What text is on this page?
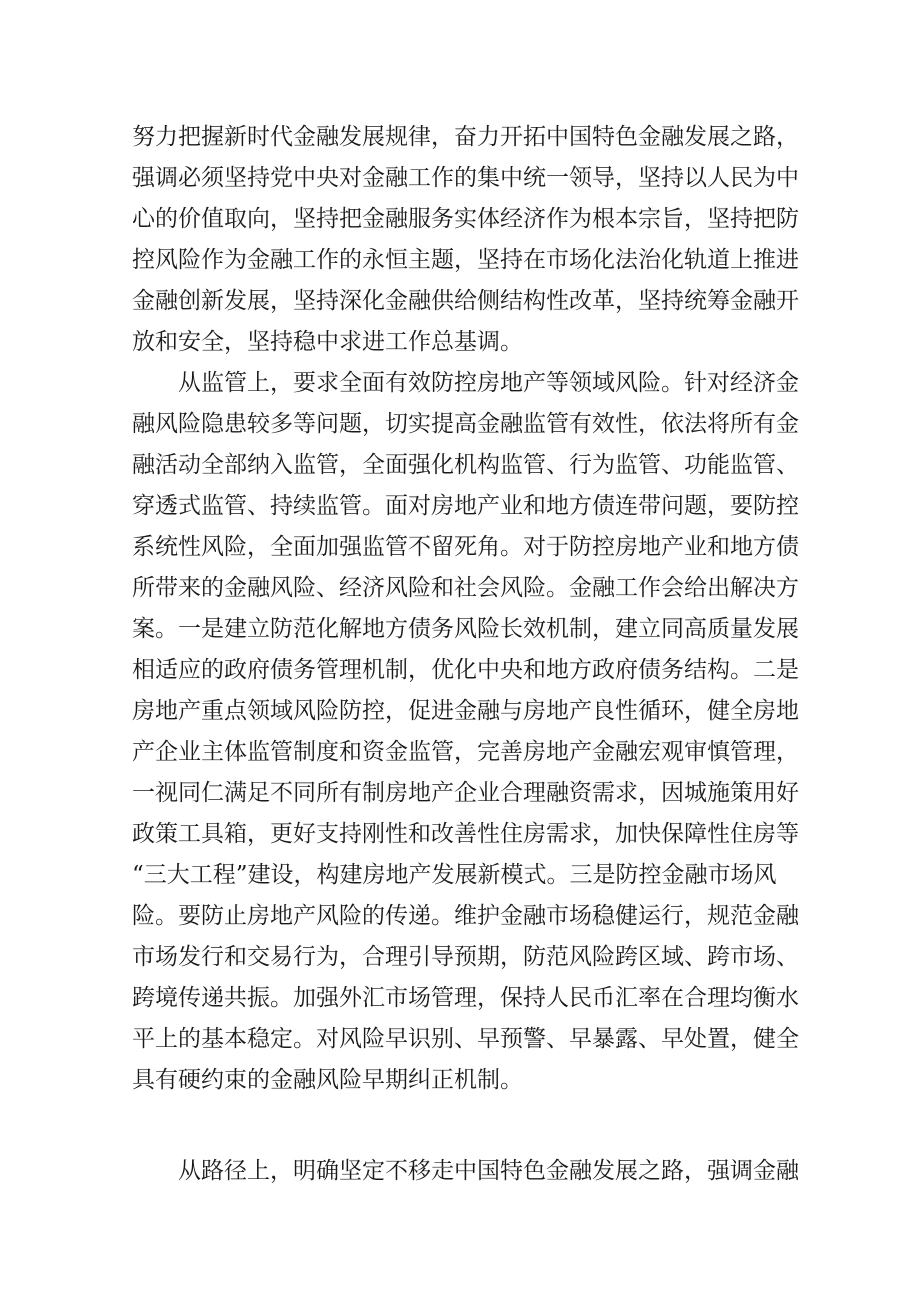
努力把握新时代金融发展规律，奋力开拓中国特色金融发展之路，
强调必须坚持党中央对金融工作的集中统一领导，坚持以人民为中
心的价值取向，坚持把金融服务实体经济作为根本宗旨，坚持把防
控风险作为金融工作的永恒主题，坚持在市场化法治化轨道上推进
金融创新发展，坚持深化金融供给侧结构性改革，坚持统筹金融开
放和安全，坚持稳中求进工作总基调。
从监管上，要求全面有效防控房地产等领域风险。针对经济金
融风险隐患较多等问题，切实提高金融监管有效性，依法将所有金
融活动全部纳入监管，全面强化机构监管、行为监管、功能监管、
穿透式监管、持续监管。面对房地产业和地方债连带问题，要防控
系统性风险，全面加强监管不留死角。对于防控房地产业和地方债
所带来的金融风险、经济风险和社会风险。金融工作会给出解决方
案。一是建立防范化解地方债务风险长效机制，建立同高质量发展
相适应的政府债务管理机制，优化中央和地方政府债务结构。二是
房地产重点领域风险防控，促进金融与房地产良性循环，健全房地
产企业主体监管制度和资金监管，完善房地产金融宏观审慎管理，
一视同仁满足不同所有制房地产企业合理融资需求，因城施策用好
政策工具箱，更好支持刚性和改善性住房需求，加快保障性住房等
“三大工程”建设，构建房地产发展新模式。三是防控金融市场风
险。要防止房地产风险的传递。维护金融市场稳健运行，规范金融
市场发行和交易行为，合理引导预期，防范风险跨区域、跨市场、
跨境传递共振。加强外汇市场管理，保持人民币汇率在合理均衡水
平上的基本稳定。对风险早识别、早预警、早暴露、早处置，健全
具有硬约束的金融风险早期纠正机制。
从路径上，明确坚定不移走中国特色金融发展之路，强调金融
